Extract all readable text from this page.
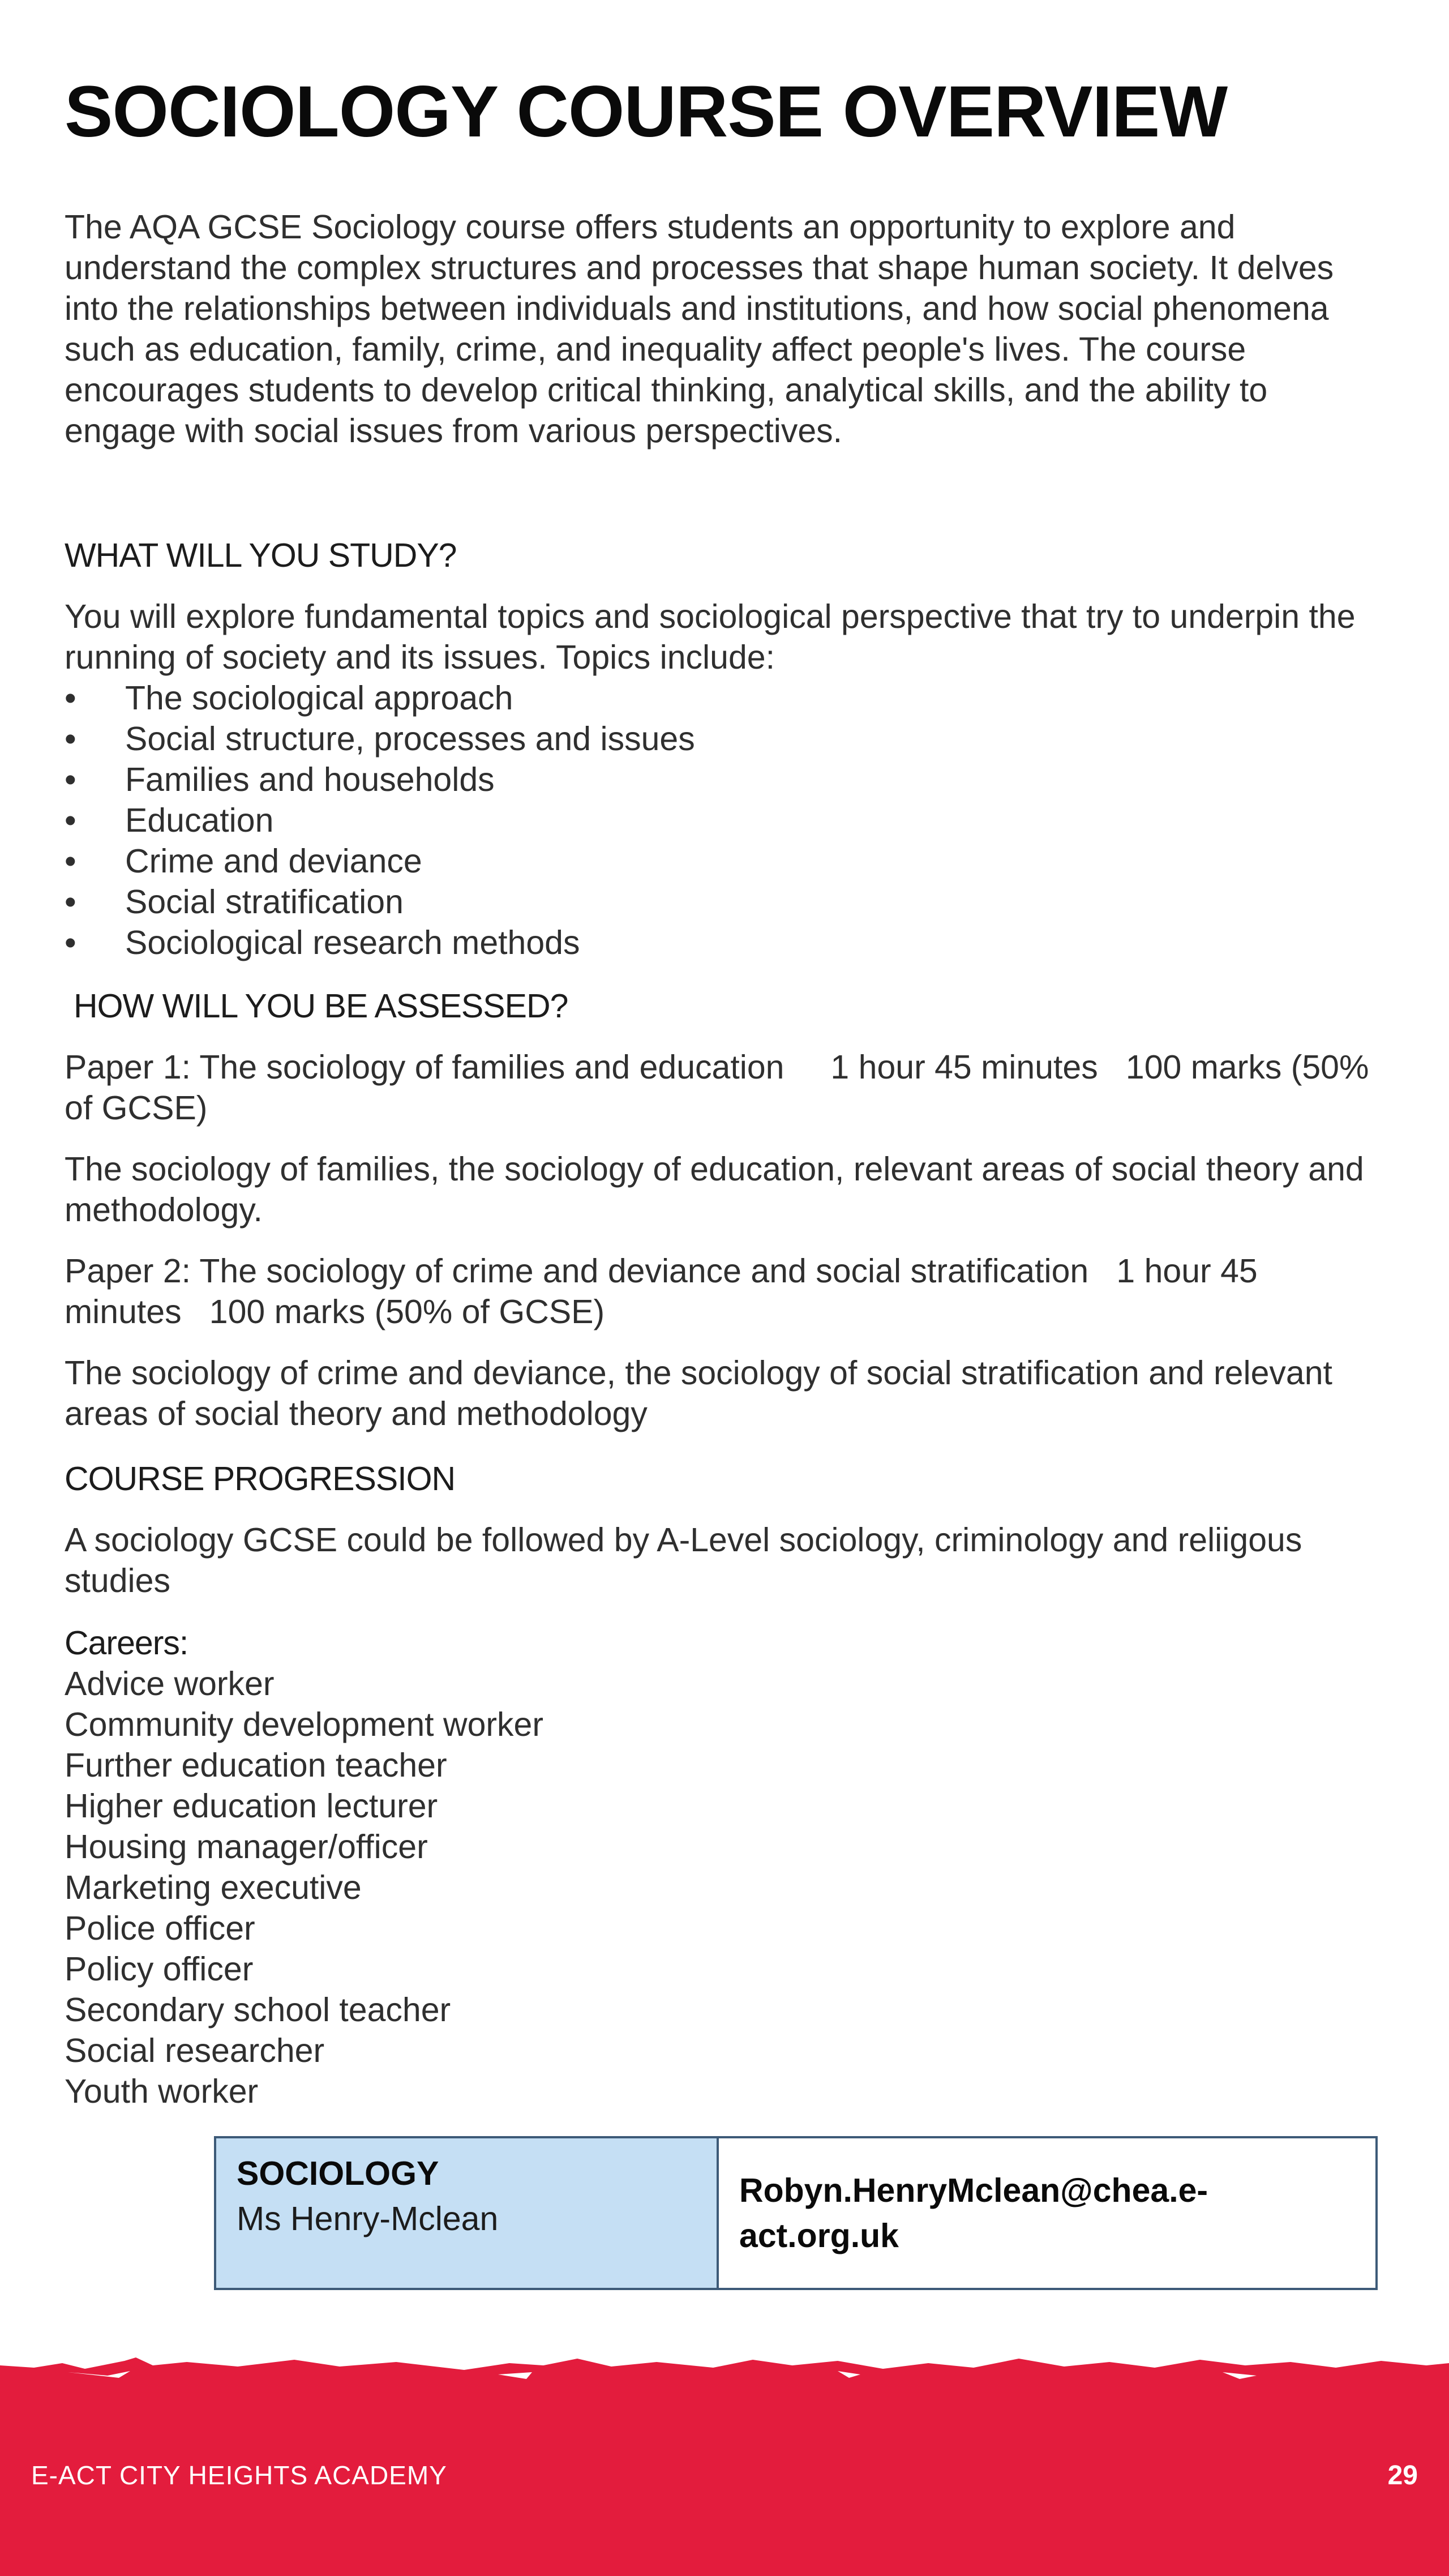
SOCIOLOGY COURSE OVERVIEW

The AQA GCSE Sociology course offers students an opportunity to explore and understand the complex structures and processes that shape human society. It delves into the relationships between individuals and institutions, and how social phenomena such as education, family, crime, and inequality affect people's lives. The course encourages students to develop critical thinking, analytical skills, and the ability to engage with social issues from various perspectives.

WHAT WILL YOU STUDY?

You will explore fundamental topics and sociological perspective that try to underpin the running of society and its issues. Topics include:

• The sociological approach
• Social structure, processes and issues
• Families and households
• Education
• Crime and deviance
• Social stratification
• Sociological research methods

HOW WILL YOU BE ASSESSED?

Paper 1: The sociology of families and education     1 hour 45 minutes   100 marks (50% of GCSE)

The sociology of families, the sociology of education, relevant areas of social theory and methodology.

Paper 2: The sociology of crime and deviance and social stratification   1 hour 45 minutes   100 marks (50% of GCSE)

The sociology of crime and deviance, the sociology of social stratification and relevant areas of social theory and methodology

COURSE PROGRESSION

A sociology GCSE could be followed by A-Level sociology, criminology and reliigous studies

Careers:

Advice worker
Community development worker
Further education teacher
Higher education lecturer
Housing manager/officer
Marketing executive
Police officer
Policy officer
Secondary school teacher
Social researcher
Youth worker
SOCIOLOGY
Ms Henry-Mclean
Robyn.HenryMclean@chea.e-act.org.uk
E-ACT CITY HEIGHTS ACADEMY	29
